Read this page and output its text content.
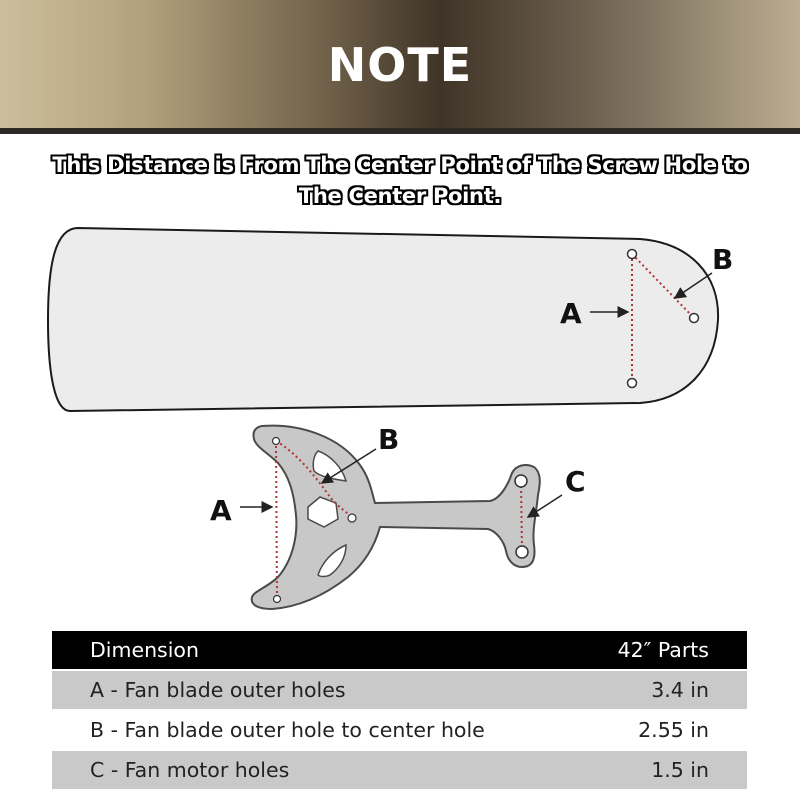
NOTE
This Distance is From The Center Point of The Screw Hole to
The Center Point.
A
B
A
B
C
Dimension	42″ Parts
A - Fan blade outer holes	3.4 in
B - Fan blade outer hole to center hole	2.55 in
C - Fan motor holes	1.5 in
